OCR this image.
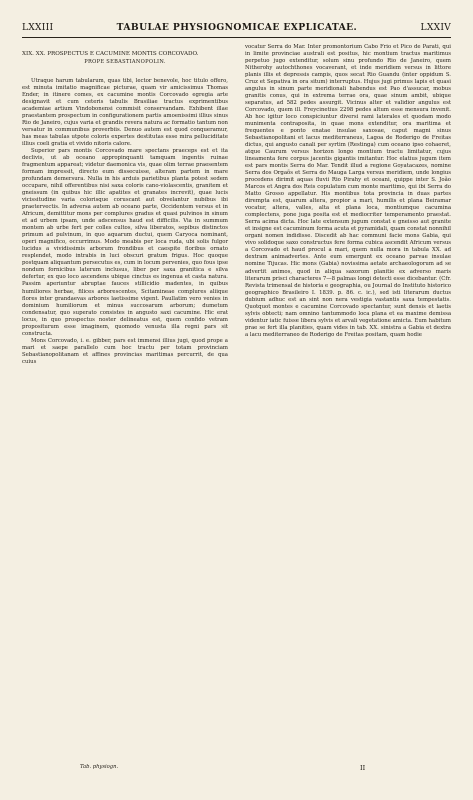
LXXIII	TABULAE PHYSIOGNOMICAE EXPLICATAE.	LXXIV
XIX. XX. PROSPECTUS E CACUMINE MONTIS CORCOVADO.
PROPE SEBASTIANOPOLIN.

Utraque harum tabularum, quas tibi, lector benevole, hoc titulo offero, est minuta imitatio magnificae picturae, quam vir amicissimus Thomas Ender, in itinere comes, ex cacumine montis Corcovado egregia arte designavit et cum ceteris tabulis Brasiliae tractus exprimentibus academiae artium Vindobonensi commisit conservandam. Exhibent illae praestantem prospectum in configurationem partis amoenissimi illius sinus Rio de Janeiro, cujus varia et grandis revera natura ac formatio tantum non versatur in communibus proverbiis. Denuo autem est quod conqueramur, has meas tabulas utpote coloris expertes destitutas esse mira pelluciditate illius coeli gratia et vivido nitoris calore.

Superior pars montis Corcovado mare spectans praeceps est et ita declivis, ut ab oceano appropinquanti tamquam ingentis ruinae fragmentum appareat; videtur daemonica vis, quae olim terrae praesentem formam impressit, directo eum dissecuisse, alteram partem in mare profundam demersura. Nulla in his arduis parietibus planta potest sedem occupare, nihil offerentibus nisi saxa coloris cano-violascentis, granitem et gneissum (in quibus hic illic apatites et granates increvit), quae lucis vicissitudine varia colorisque coruscant aut obvelantur nubibus ibi praetervectis. In adversa autem ab oceano parte, Occidentem versus et in Africum, demittitur mons per complures gradus et quasi pulvinos in sinum et ad urbem ipsam, unde adscensus haud est difficilis. Via in summum montem ab urbe fert per colles cultos, silva liberatos, sepibus distinctos primum ad pulvinum, in quo aquarum ductui, quem Caryoca nominant, operi magnifico, occurrimus. Modo meabis per loca ruda, ubi solis fulgor lucidus a vividissimis arborum frondibus et caespite floribus ornato resplendet, modo intrabis in luci obscuri gratum frigus. Hoc quoque postquam aliquantum persecutus es, cum in locum pervenies, quo fous ipse nondum fornicibus laterum inclusus, liber per saxa granitica e silva defertur, ex quo loco ascendens ubique cinctus es ingenua et casta natura. Passim aperiuntur abruptae fauces stillicidio madentes, in quibus humiliores herbae, filices arborescentes, Scitamineae complures aliique flores inter grandaevas arbores laetissime vigent. Paullatim vero venies in dominium humiliorum et minus succosarum arborum; dumetum condensatur, quo superato consistes in angusto saxi cacumine. Hic erat locus, in quo prospectus noster delineatus est, quem confido vetram propositurum esse imaginem, quomodo venusta illa regni pars sit constructa.

Mons Corcovado, i. e. gibber, pars est immensi illius jugi, quod prope a mari et saepe parallelo cum hoc tractu per totam provinciam Sebastianopolitanam et affines provincias maritimas percurrit, de qua cuius

vocatur Serra do Mar. Inter promontorium Cabo Frio et Pico de Parati, qui in limite provinciae australi est positus, hic montium tractus maritimus perpetuo jugo extenditur, solum sinu profundo Rio de Janeiro, quem Nitherohy autochthones vocaverant, et inde meridiem versus in littore planis illis et depressis campis, quos secat Rio Guandu (inter oppidum S. Cruz et Sepativa in ora situm) interruptus. Hujus jugi primus lapis et quasi angulus in sinum parte meridionali habendus est Pao d'assucar, mobus granitis conus, qui in extrema terrae ora, quae sinum ambit, ubique separatus, ad 582 pedes assurgit. Vicinus alter et validior angulus est Corcovado, quem ill. Freycinetius 2298 pedes altum esse mensura invenit. Ab hoc igitur loco conspiciuntur diversi rami laterales et quodam modo munimenta contraposita, in quae mons extenditur, ora maritima et frequentes e ponto enatae insulae saxosae, caput magni sinus Sebastianopolitani et lacus mediterraneus, Lagoa de Roderigo de Freitas dictus, qui angusto canali per syrtim (Restinga) cum oceano ipso cohaeret, atque Caurum versus horizon longo montium tractu limitatur, cujus lineamenta fere corpus jacentis gigantis imitantur. Hoc elatius jugum item est pars montis Serra do Mar. Tendit illud a regione Goyatacazes, nomine Serra dos Orgaõs et Serra do Mauga Larga versus meridiem, unde longius procedens dirimit aquas fluvii Rio Pirahy et oceani, quippe inter S. João Marcos et Angra dos Reis copulatum cum monte maritimo, qui ibi Serra do Matto Grosso appellatur. His montibus tota provincia in duas partes dirempta est, quarum altera, propior a mari, humilis et plana Beiramar vocatur, altera, valles, alta et plana loca, montiumque cacumina complectens, pone juga posita est et mediocriter temperamento praestat. Serra acima dicta. Hoc late extensum jugum constat e gneisso aut granite et insigne est cacuminum forma acuta et pyramidali, quam constat nonnihil organi nomen indidisse. Discedit ab hac communi facie mons Gabia, qui vivo solidoque saxo constructus fere forma cubica ascendit Africum versus a Corcovado et haud procul a mari, quem nulla mora in tabula XX. ad dextram animadvertes. Ante eum emergunt ex oceano parvae insulae nomine Tijucas. Hic mons (Gabia) novissima aetate archaeologorum ad se advertit animos, quod in aliqua saxorum planitie ex adverso maris literarum prisci characteres 7—8 palmas longi detecti esse dicebantur. (Cfr. Revista trimensal de historia e geographia, ou Journal do Instituto historico geographico Brasileiro I. 1839. p. 86. c. ic.), sed isti literarum ductus dubium adhuc est an sint non nera vestigia vastantis saxa tempestatis. Quotquot montes e cacumine Corcovado spectantur, sunt densis et laetis sylvis obtecti; nam omnino tantummodo loca plana et ea maxime demissa videntur iatic fuisse libera sylvis et arvali vegetatione amicta. Eum habitum prae se fert illa planities, quam vides in tab. XX. sinistra a Gabia et dextra a lacu mediterraneo de Roderigo de Freitas positam, quam hodie

Tab. physiogn.	II
